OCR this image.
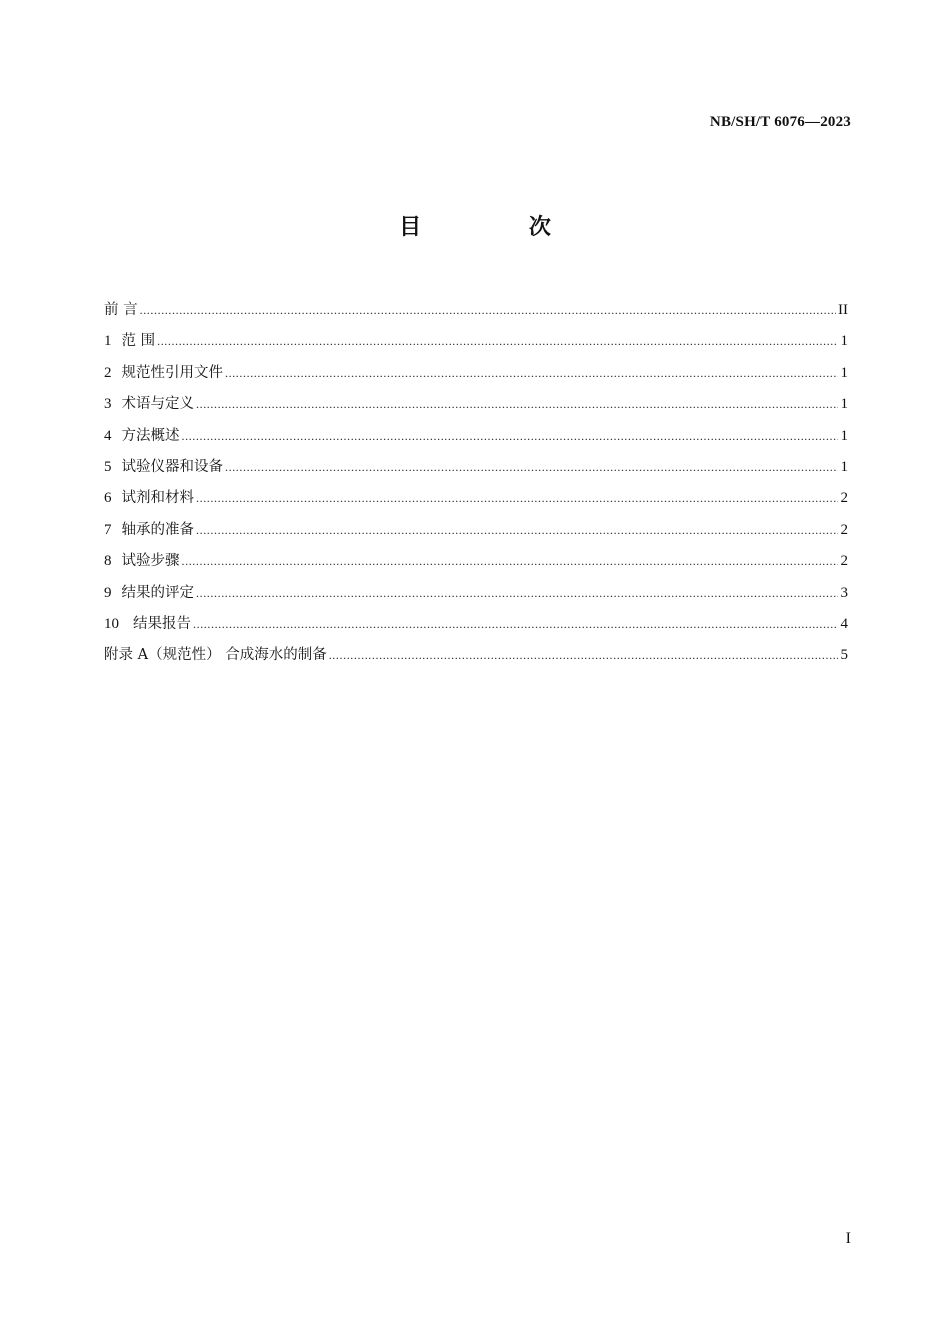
NB/SH/T 6076—2023
目 次
前 言 .....	II
1 范 围 .....	1
2 规范性引用文件 .....	1
3 术语与定义 .....	1
4 方法概述 .....	1
5 试验仪器和设备 .....	1
6 试剂和材料 .....	2
7 轴承的准备 .....	2
8 试验步骤 .....	2
9 结果的评定 .....	3
10 结果报告 .....	4
附录 A（规范性） 合成海水的制备 .....	5
I
